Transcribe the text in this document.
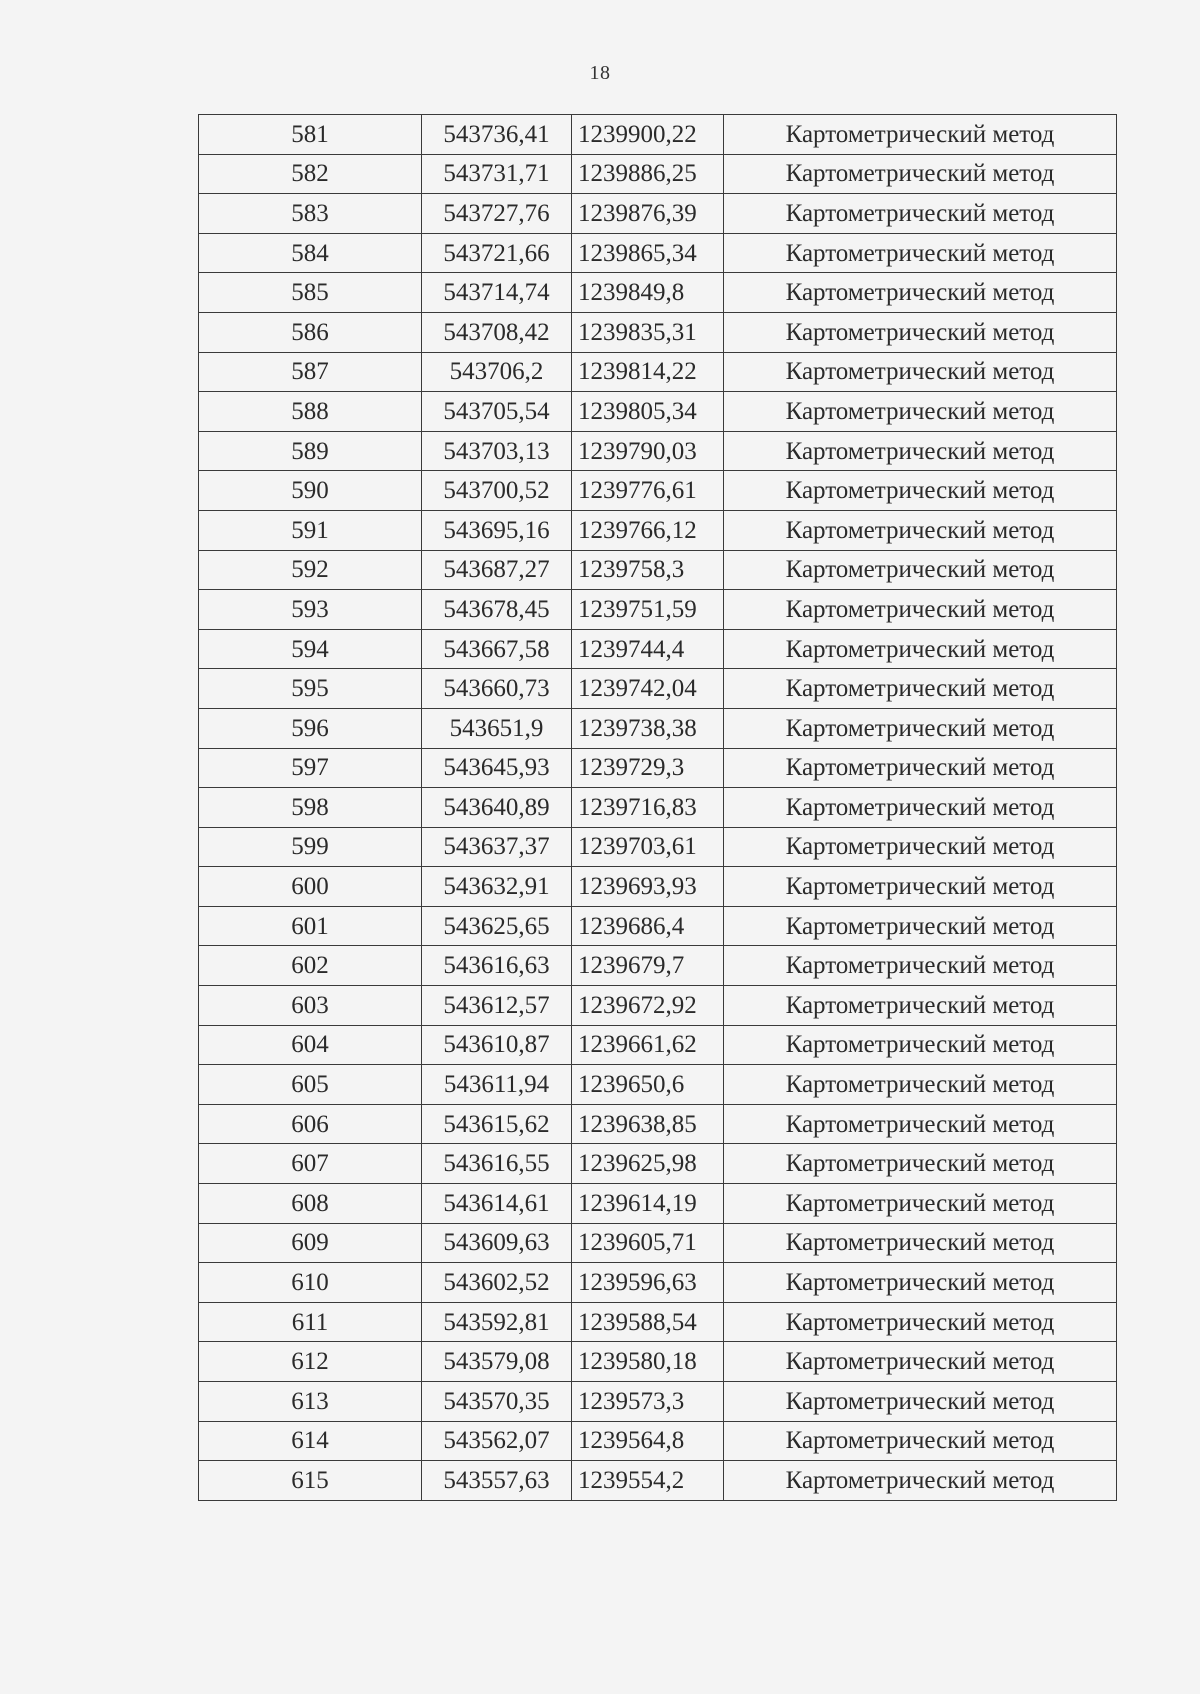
18
581	543736,41	1239900,22	Картометрический метод
582	543731,71	1239886,25	Картометрический метод
583	543727,76	1239876,39	Картометрический метод
584	543721,66	1239865,34	Картометрический метод
585	543714,74	1239849,8	Картометрический метод
586	543708,42	1239835,31	Картометрический метод
587	543706,2	1239814,22	Картометрический метод
588	543705,54	1239805,34	Картометрический метод
589	543703,13	1239790,03	Картометрический метод
590	543700,52	1239776,61	Картометрический метод
591	543695,16	1239766,12	Картометрический метод
592	543687,27	1239758,3	Картометрический метод
593	543678,45	1239751,59	Картометрический метод
594	543667,58	1239744,4	Картометрический метод
595	543660,73	1239742,04	Картометрический метод
596	543651,9	1239738,38	Картометрический метод
597	543645,93	1239729,3	Картометрический метод
598	543640,89	1239716,83	Картометрический метод
599	543637,37	1239703,61	Картометрический метод
600	543632,91	1239693,93	Картометрический метод
601	543625,65	1239686,4	Картометрический метод
602	543616,63	1239679,7	Картометрический метод
603	543612,57	1239672,92	Картометрический метод
604	543610,87	1239661,62	Картометрический метод
605	543611,94	1239650,6	Картометрический метод
606	543615,62	1239638,85	Картометрический метод
607	543616,55	1239625,98	Картометрический метод
608	543614,61	1239614,19	Картометрический метод
609	543609,63	1239605,71	Картометрический метод
610	543602,52	1239596,63	Картометрический метод
611	543592,81	1239588,54	Картометрический метод
612	543579,08	1239580,18	Картометрический метод
613	543570,35	1239573,3	Картометрический метод
614	543562,07	1239564,8	Картометрический метод
615	543557,63	1239554,2	Картометрический метод
